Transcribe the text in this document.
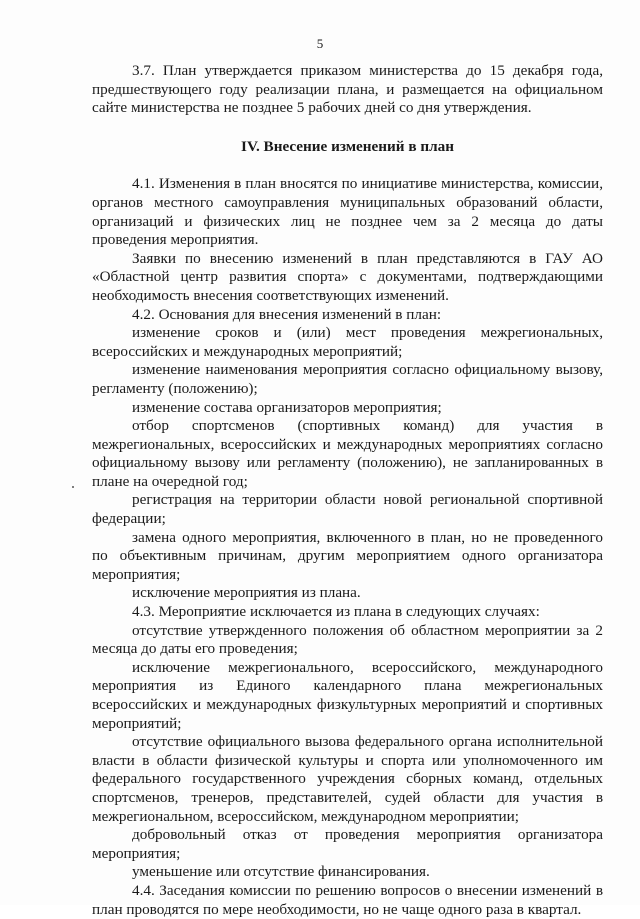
5

3.7. План утверждается приказом министерства до 15 декабря года, предшествующего году реализации плана, и размещается на официальном сайте министерства не позднее 5 рабочих дней со дня утверждения.

IV. Внесение изменений в план

4.1. Изменения в план вносятся по инициативе министерства, комиссии, органов местного самоуправления муниципальных образований области, организаций и физических лиц не позднее чем за 2 месяца до даты проведения мероприятия.

Заявки по внесению изменений в план представляются в ГАУ АО «Областной центр развития спорта» с документами, подтверждающими необходимость внесения соответствующих изменений.

4.2. Основания для внесения изменений в план:

изменение сроков и (или) мест проведения межрегиональных, всероссийских и международных мероприятий;

изменение наименования мероприятия согласно официальному вызову, регламенту (положению);

изменение состава организаторов мероприятия;

отбор спортсменов (спортивных команд) для участия в межрегиональных, всероссийских и международных мероприятиях согласно официальному вызову или регламенту (положению), не запланированных в плане на очередной год;

регистрация на территории области новой региональной спортивной федерации;

замена одного мероприятия, включенного в план, но не проведенного по объективным причинам, другим мероприятием одного организатора мероприятия;

исключение мероприятия из плана.

4.3. Мероприятие исключается из плана в следующих случаях:

отсутствие утвержденного положения об областном мероприятии за 2 месяца до даты его проведения;

исключение межрегионального, всероссийского, международного мероприятия из Единого календарного плана межрегиональных всероссийских и международных физкультурных мероприятий и спортивных мероприятий;

отсутствие официального вызова федерального органа исполнительной власти в области физической культуры и спорта или уполномоченного им федерального государственного учреждения сборных команд, отдельных спортсменов, тренеров, представителей, судей области для участия в межрегиональном, всероссийском, международном мероприятии;

добровольный отказ от проведения мероприятия организатора мероприятия;

уменьшение или отсутствие финансирования.

4.4. Заседания комиссии по решению вопросов о внесении изменений в план проводятся по мере необходимости, но не чаще одного раза в квартал.
